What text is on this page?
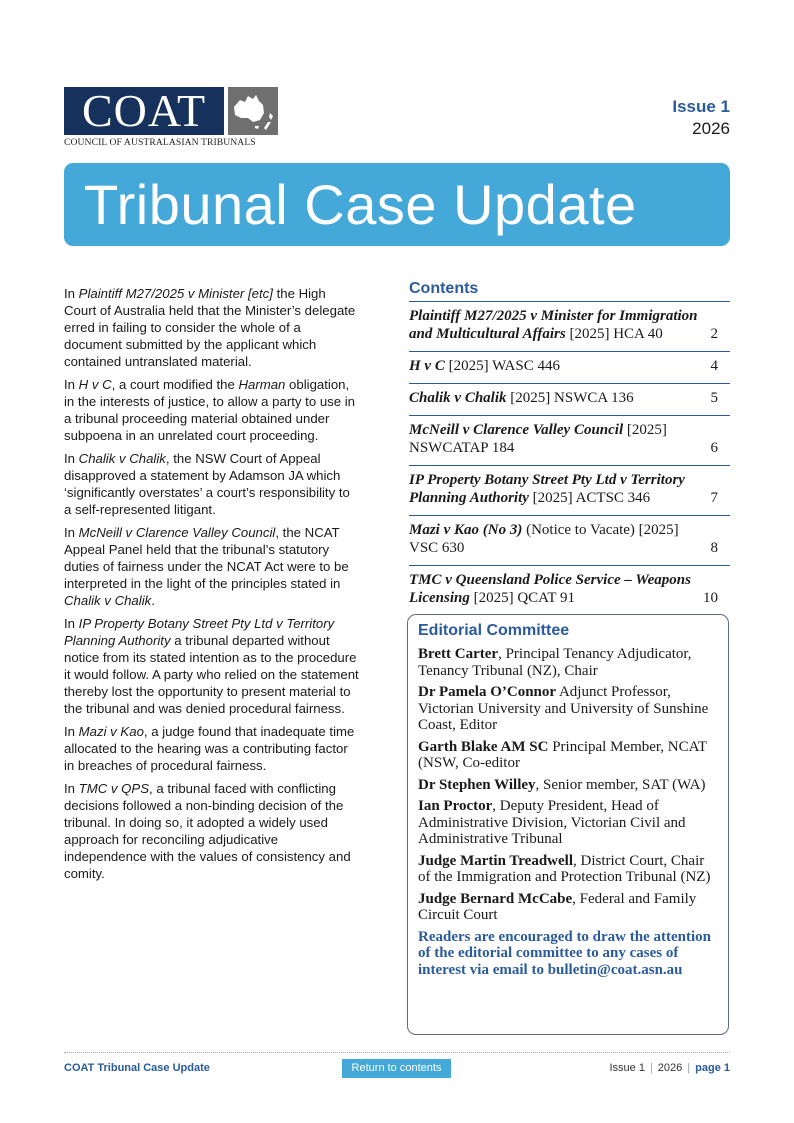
COAT
COUNCIL OF AUSTRALASIAN TRIBUNALS
Issue 1
2026
Tribunal Case Update

In Plaintiff M27/2025 v Minister [etc] the High Court of Australia held that the Minister’s delegate erred in failing to consider the whole of a document submitted by the applicant which contained untranslated material.

In H v C, a court modified the Harman obligation, in the interests of justice, to allow a party to use in a tribunal proceeding material obtained under subpoena in an unrelated court proceeding.

In Chalik v Chalik, the NSW Court of Appeal disapproved a statement by Adamson JA which ‘significantly overstates’ a court’s responsibility to a self-represented litigant.

In McNeill v Clarence Valley Council, the NCAT Appeal Panel held that the tribunal’s statutory duties of fairness under the NCAT Act were to be interpreted in the light of the principles stated in Chalik v Chalik.

In IP Property Botany Street Pty Ltd v Territory Planning Authority a tribunal departed without notice from its stated intention as to the procedure it would follow. A party who relied on the statement thereby lost the opportunity to present material to the tribunal and was denied procedural fairness.

In Mazi v Kao, a judge found that inadequate time allocated to the hearing was a contributing factor in breaches of procedural fairness.

In TMC v QPS, a tribunal faced with conflicting decisions followed a non-binding decision of the tribunal. In doing so, it adopted a widely used approach for reconciling adjudicative independence with the values of consistency and comity.

Contents
Plaintiff M27/2025 v Minister for Immigration and Multicultural Affairs [2025] HCA 40	2
H v C [2025] WASC 446	4
Chalik v Chalik [2025] NSWCA 136	5
McNeill v Clarence Valley Council [2025] NSWCATAP 184	6
IP Property Botany Street Pty Ltd v Territory Planning Authority [2025] ACTSC 346	7
Mazi v Kao (No 3) (Notice to Vacate) [2025] VSC 630	8
TMC v Queensland Police Service – Weapons Licensing [2025] QCAT 91	10
Editorial Committee
Brett Carter, Principal Tenancy Adjudicator, Tenancy Tribunal (NZ), Chair
Dr Pamela O’Connor Adjunct Professor, Victorian University and University of Sunshine Coast, Editor
Garth Blake AM SC Principal Member, NCAT (NSW, Co-editor
Dr Stephen Willey, Senior member, SAT (WA)
Ian Proctor, Deputy President, Head of Administrative Division, Victorian Civil and Administrative Tribunal
Judge Martin Treadwell, District Court, Chair of the Immigration and Protection Tribunal (NZ)
Judge Bernard McCabe, Federal and Family Circuit Court
Readers are encouraged to draw the attention of the editorial committee to any cases of interest via email to bulletin@coat.asn.au
COAT Tribunal Case Update	Return to contents	Issue 1 | 2026 | page 1
